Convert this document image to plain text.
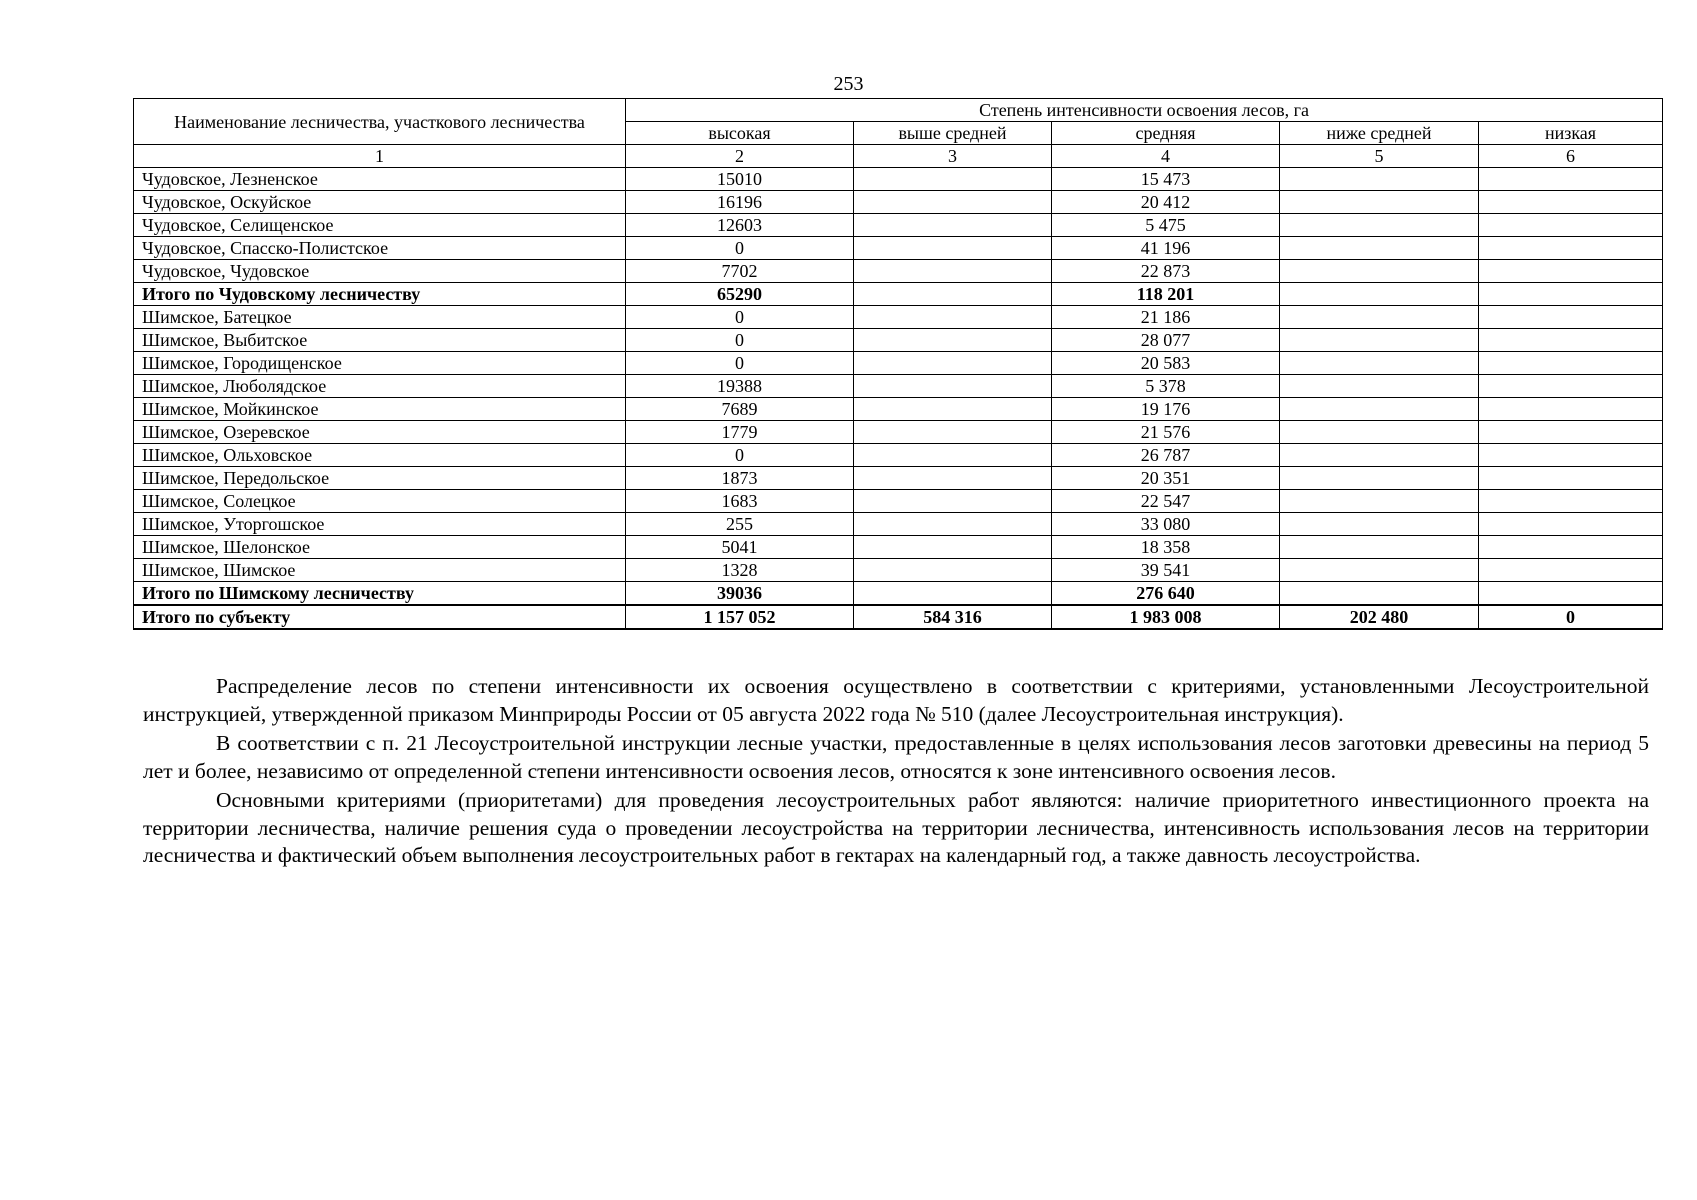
253
Наименование лесничества, участкового лесничества	Степень интенсивности освоения лесов, га				
	высокая	выше средней	средняя	ниже средней	низкая
1	2	3	4	5	6
Чудовское, Лезненское	15010		15 473		
Чудовское, Оскуйское	16196		20 412		
Чудовское, Селищенское	12603		5 475		
Чудовское, Спасско-Полистское	0		41 196		
Чудовское, Чудовское	7702		22 873		
Итого по Чудовскому лесничеству	65290		118 201		
Шимское, Батецкое	0		21 186		
Шимское, Выбитское	0		28 077		
Шимское, Городищенское	0		20 583		
Шимское, Люболядское	19388		5 378		
Шимское, Мойкинское	7689		19 176		
Шимское, Озеревское	1779		21 576		
Шимское, Ольховское	0		26 787		
Шимское, Передольское	1873		20 351		
Шимское, Солецкое	1683		22 547		
Шимское, Уторгошское	255		33 080		
Шимское, Шелонское	5041		18 358		
Шимское, Шимское	1328		39 541		
Итого по Шимскому лесничеству	39036		276 640		
Итого по субъекту	1 157 052	584 316	1 983 008	202 480	0

Распределение лесов по степени интенсивности их освоения осуществлено в соответствии с критериями, установленными Лесоустроительной инструкцией, утвержденной приказом Минприроды России от 05 августа 2022 года № 510 (далее Лесоустроительная инструкция).

В соответствии с п. 21 Лесоустроительной инструкции лесные участки, предоставленные в целях использования лесов заготовки древесины на период 5 лет и более, независимо от определенной степени интенсивности освоения лесов, относятся к зоне интенсивного освоения лесов.

Основными критериями (приоритетами) для проведения лесоустроительных работ являются: наличие приоритетного инвестиционного проекта на территории лесничества, наличие решения суда о проведении лесоустройства на территории лесничества, интенсивность использования лесов на территории лесничества и фактический объем выполнения лесоустроительных работ в гектарах на календарный год, а также давность лесоустройства.
